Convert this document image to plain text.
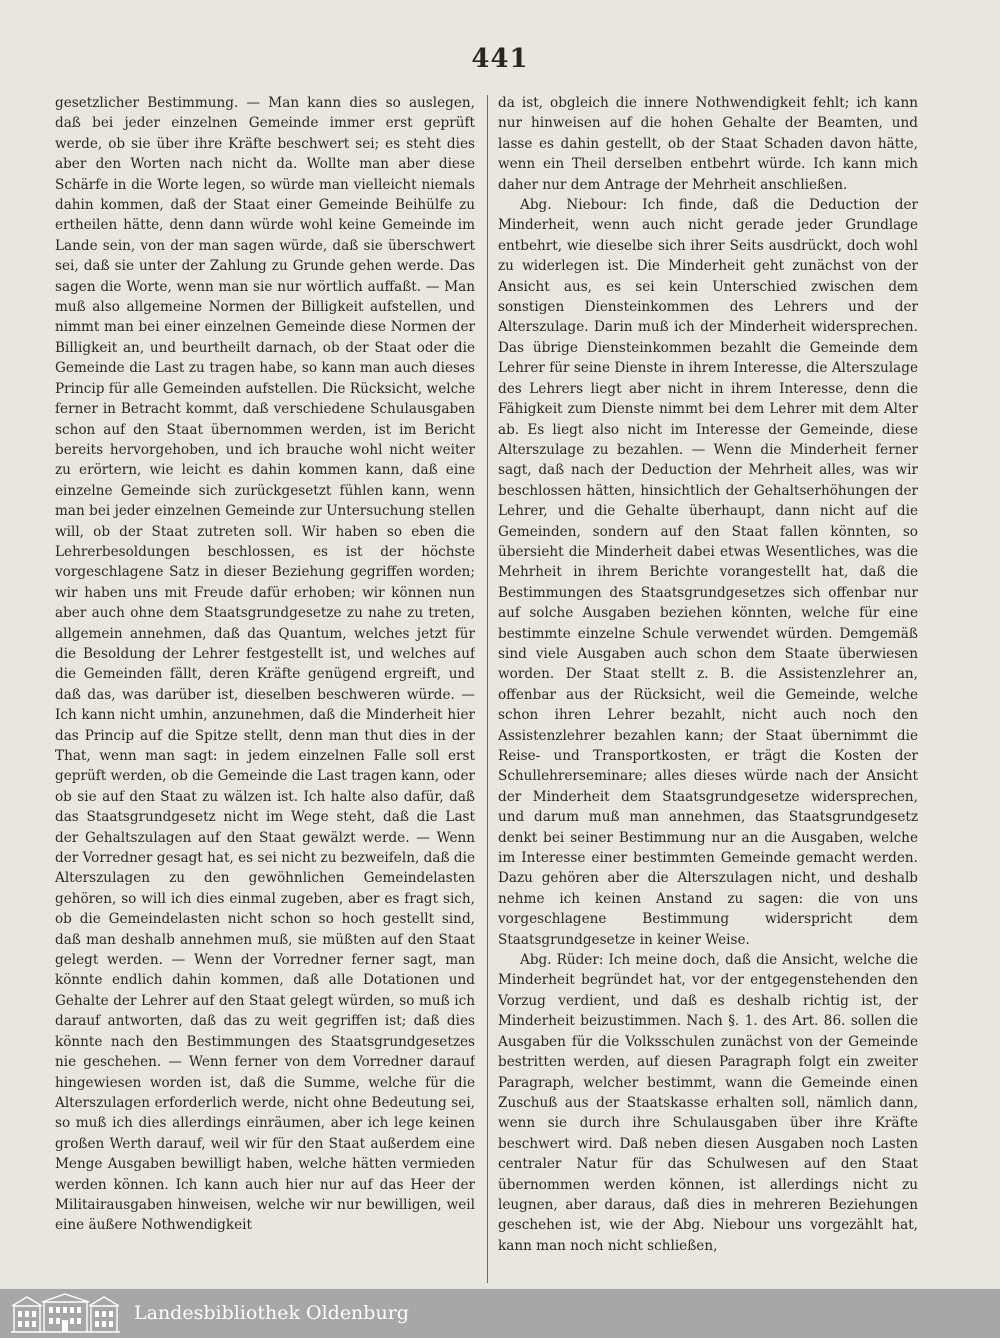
441

gesetzlicher Bestimmung. — Man kann dies so auslegen, daß bei jeder einzelnen Gemeinde immer erst geprüft werde, ob sie über ihre Kräfte beschwert sei; es steht dies aber den Worten nach nicht da. Wollte man aber diese Schärfe in die Worte legen, so würde man vielleicht niemals dahin kommen, daß der Staat einer Gemeinde Beihülfe zu ertheilen hätte, denn dann würde wohl keine Gemeinde im Lande sein, von der man sagen würde, daß sie überschwert sei, daß sie unter der Zahlung zu Grunde gehen werde. Das sagen die Worte, wenn man sie nur wörtlich auffaßt. — Man muß also allgemeine Normen der Billigkeit aufstellen, und nimmt man bei einer einzelnen Gemeinde diese Normen der Billigkeit an, und beurtheilt darnach, ob der Staat oder die Gemeinde die Last zu tragen habe, so kann man auch dieses Princip für alle Gemeinden aufstellen. Die Rücksicht, welche ferner in Betracht kommt, daß verschiedene Schulausgaben schon auf den Staat übernommen werden, ist im Bericht bereits hervorgehoben, und ich brauche wohl nicht weiter zu erörtern, wie leicht es dahin kommen kann, daß eine einzelne Gemeinde sich zurückgesetzt fühlen kann, wenn man bei jeder einzelnen Gemeinde zur Untersuchung stellen will, ob der Staat zutreten soll. Wir haben so eben die Lehrerbesoldungen beschlossen, es ist der höchste vorgeschlagene Satz in dieser Beziehung gegriffen worden; wir haben uns mit Freude dafür erhoben; wir können nun aber auch ohne dem Staatsgrundgesetze zu nahe zu treten, allgemein annehmen, daß das Quantum, welches jetzt für die Besoldung der Lehrer festgestellt ist, und welches auf die Gemeinden fällt, deren Kräfte genügend ergreift, und daß das, was darüber ist, dieselben beschweren würde. — Ich kann nicht umhin, anzunehmen, daß die Minderheit hier das Princip auf die Spitze stellt, denn man thut dies in der That, wenn man sagt: in jedem einzelnen Falle soll erst geprüft werden, ob die Gemeinde die Last tragen kann, oder ob sie auf den Staat zu wälzen ist. Ich halte also dafür, daß das Staatsgrundgesetz nicht im Wege steht, daß die Last der Gehaltszulagen auf den Staat gewälzt werde. — Wenn der Vorredner gesagt hat, es sei nicht zu bezweifeln, daß die Alterszulagen zu den gewöhnlichen Gemeindelasten gehören, so will ich dies einmal zugeben, aber es fragt sich, ob die Gemeindelasten nicht schon so hoch gestellt sind, daß man deshalb annehmen muß, sie müßten auf den Staat gelegt werden. — Wenn der Vorredner ferner sagt, man könnte endlich dahin kommen, daß alle Dotationen und Gehalte der Lehrer auf den Staat gelegt würden, so muß ich darauf antworten, daß das zu weit gegriffen ist; daß dies könnte nach den Bestimmungen des Staatsgrundgesetzes nie geschehen. — Wenn ferner von dem Vorredner darauf hingewiesen worden ist, daß die Summe, welche für die Alterszulagen erforderlich werde, nicht ohne Bedeutung sei, so muß ich dies allerdings einräumen, aber ich lege keinen großen Werth darauf, weil wir für den Staat außerdem eine Menge Ausgaben bewilligt haben, welche hätten vermieden werden können. Ich kann auch hier nur auf das Heer der Militairausgaben hinweisen, welche wir nur bewilligen, weil eine äußere Nothwendigkeit

da ist, obgleich die innere Nothwendigkeit fehlt; ich kann nur hinweisen auf die hohen Gehalte der Beamten, und lasse es dahin gestellt, ob der Staat Schaden davon hätte, wenn ein Theil derselben entbehrt würde. Ich kann mich daher nur dem Antrage der Mehrheit anschließen.

Abg. Niebour: Ich finde, daß die Deduction der Minderheit, wenn auch nicht gerade jeder Grundlage entbehrt, wie dieselbe sich ihrer Seits ausdrückt, doch wohl zu widerlegen ist. Die Minderheit geht zunächst von der Ansicht aus, es sei kein Unterschied zwischen dem sonstigen Diensteinkommen des Lehrers und der Alterszulage. Darin muß ich der Minderheit widersprechen. Das übrige Diensteinkommen bezahlt die Gemeinde dem Lehrer für seine Dienste in ihrem Interesse, die Alterszulage des Lehrers liegt aber nicht in ihrem Interesse, denn die Fähigkeit zum Dienste nimmt bei dem Lehrer mit dem Alter ab. Es liegt also nicht im Interesse der Gemeinde, diese Alterszulage zu bezahlen. — Wenn die Minderheit ferner sagt, daß nach der Deduction der Mehrheit alles, was wir beschlossen hätten, hinsichtlich der Gehaltserhöhungen der Lehrer, und die Gehalte überhaupt, dann nicht auf die Gemeinden, sondern auf den Staat fallen könnten, so übersieht die Minderheit dabei etwas Wesentliches, was die Mehrheit in ihrem Berichte vorangestellt hat, daß die Bestimmungen des Staatsgrundgesetzes sich offenbar nur auf solche Ausgaben beziehen könnten, welche für eine bestimmte einzelne Schule verwendet würden. Demgemäß sind viele Ausgaben auch schon dem Staate überwiesen worden. Der Staat stellt z. B. die Assistenzlehrer an, offenbar aus der Rücksicht, weil die Gemeinde, welche schon ihren Lehrer bezahlt, nicht auch noch den Assistenzlehrer bezahlen kann; der Staat übernimmt die Reise- und Transportkosten, er trägt die Kosten der Schullehrerseminare; alles dieses würde nach der Ansicht der Minderheit dem Staatsgrundgesetze widersprechen, und darum muß man annehmen, das Staatsgrundgesetz denkt bei seiner Bestimmung nur an die Ausgaben, welche im Interesse einer bestimmten Gemeinde gemacht werden. Dazu gehören aber die Alterszulagen nicht, und deshalb nehme ich keinen Anstand zu sagen: die von uns vorgeschlagene Bestimmung widerspricht dem Staatsgrundgesetze in keiner Weise.

Abg. Rüder: Ich meine doch, daß die Ansicht, welche die Minderheit begründet hat, vor der entgegenstehenden den Vorzug verdient, und daß es deshalb richtig ist, der Minderheit beizustimmen. Nach §. 1. des Art. 86. sollen die Ausgaben für die Volksschulen zunächst von der Gemeinde bestritten werden, auf diesen Paragraph folgt ein zweiter Paragraph, welcher bestimmt, wann die Gemeinde einen Zuschuß aus der Staatskasse erhalten soll, nämlich dann, wenn sie durch ihre Schulausgaben über ihre Kräfte beschwert wird. Daß neben diesen Ausgaben noch Lasten centraler Natur für das Schulwesen auf den Staat übernommen werden können, ist allerdings nicht zu leugnen, aber daraus, daß dies in mehreren Beziehungen geschehen ist, wie der Abg. Niebour uns vorgezählt hat, kann man noch nicht schließen,

Landesbibliothek Oldenburg
